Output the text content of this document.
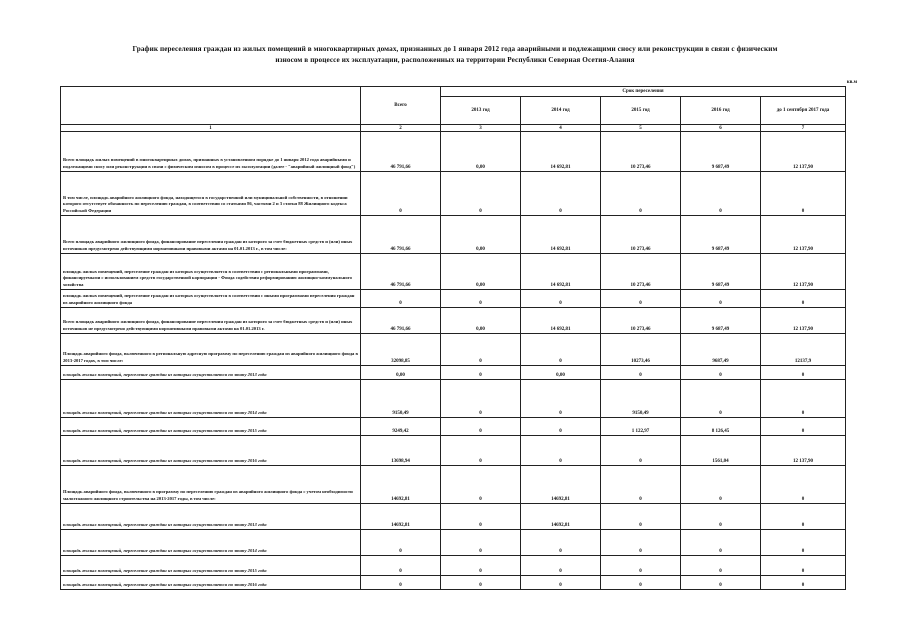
График переселения граждан из жилых помещений в многоквартирных домах, признанных до 1 января 2012 года аварийными и подлежащими сносу или реконструкции в связи с физическим
износом в процессе их эксплуатации, расположенных на территории Республики Северная Осетия-Алания
кв.м
	Всего	Срок переселения				
		2013 год	2014 год	2015 год	2016 год	до 1 сентября 2017 года
1	2	3	4	5	6	7
Всего площадь жилых помещений в многоквартирных домах, признанных в установленном порядке до 1 января 2012 года аварийными и подлежащими сносу или реконструкции в связи с физическим износом в процессе их эксплуатации (далее - "аварийный жилищный фонд")	46 791,66	0,00	14 692,81	10 273,46	9 687,49	12 137,90
В том числе, площадь аварийного жилищного фонда, находящегося в государственной или муниципальной собственности, в отношении которого отсутствует обязанность по переселению граждан, в соответствии со статьями 86, частями 2 и 3 статьи 88 Жилищного кодекса Российской Федерации	0	0	0	0	0	0
Всего площадь аварийного жилищного фонда, финансирование переселения граждан из которого за счет бюджетных средств и (или) иных источников предусмотрено действующими нормативными правовыми актами на 01.01.2013 г., в том числе:	46 791,66	0,00	14 692,81	10 273,46	9 687,49	12 137,90
площадь жилых помещений, переселение граждан из которых осуществляется в соответствии с региональными программами, финансируемыми с использованием средств государственной корпорации - Фонда содействия реформированию жилищно-коммунального хозяйства	46 791,66	0,00	14 692,81	10 273,46	9 687,49	12 137,90
площадь жилых помещений, переселение граждан из которых осуществляется в соответствии с иными программами переселения граждан из аварийного жилищного фонда	0	0	0	0	0	0
Всего площадь аварийного жилищного фонда, финансирование переселения граждан из которого за счет бюджетных средств и (или) иных источников не предусмотрено действующими нормативными правовыми актами на 01.01.2013 г.	46 791,66	0,00	14 692,81	10 273,46	9 687,49	12 137,90
Площадь аварийного фонда, включенного в региональную адресную программу по переселению граждан из аварийного жилищного фонда в 2013-2017 годах, в том числе:	32098,85	0	0	10273,46	9687,49	12137,9
площадь жилых помещений, переселение граждан из которых осуществляется по этапу 2013 года	0,00	0	0,00	0	0	0
площадь жилых помещений, переселение граждан из которых осуществляется по этапу 2014 года	9150,49	0	0	9150,49	0	0
площадь жилых помещений, переселение граждан из которых осуществляется по этапу 2015 года	9249,42	0	0	1 122,97	8 126,45	0
площадь жилых помещений, переселение граждан из которых осуществляется по этапу 2016 года	13698,94	0	0	0	1561,04	12 137,90
Площадь аварийного фонда, включенного в программу по переселению граждан из аварийного жилищного фонда с учетом необходимости малоэтажного жилищного строительства на 2013-2017 годы, в том числе:	14692,81	0	14692,81	0	0	0
площадь жилых помещений, переселение граждан из которых осуществляется по этапу 2013 года	14692,81	0	14692,81	0	0	0
площадь жилых помещений, переселение граждан из которых осуществляется по этапу 2014 года	0	0	0	0	0	0
площадь жилых помещений, переселение граждан из которых осуществляется по этапу 2015 года	0	0	0	0	0	0
площадь жилых помещений, переселение граждан из которых осуществляется по этапу 2016 года	0	0	0	0	0	0
